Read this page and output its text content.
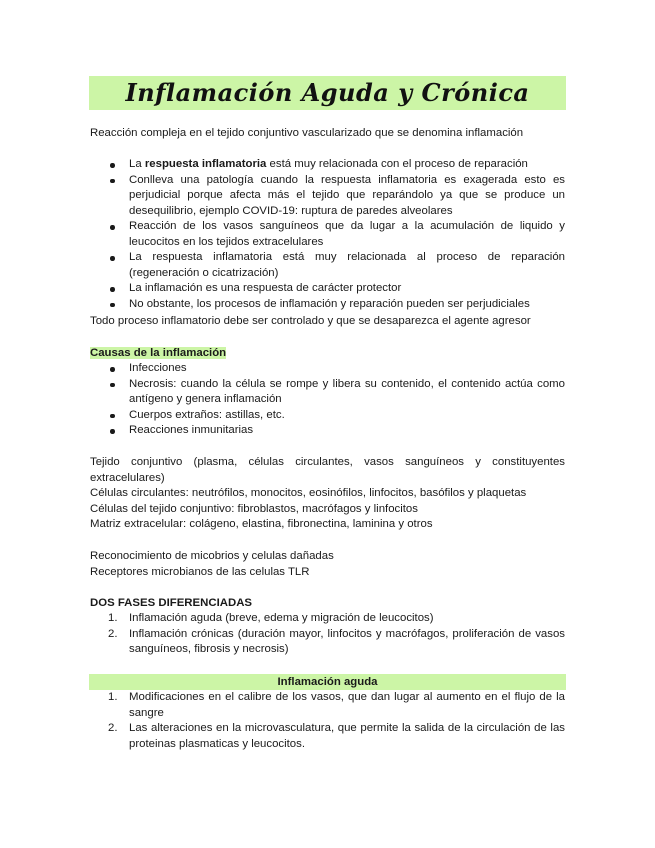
Inflamación Aguda y Crónica
Reacción compleja en el tejido conjuntivo vascularizado que se denomina inflamación
La respuesta inflamatoria está muy relacionada con el proceso de reparación
Conlleva una patología cuando la respuesta inflamatoria es exagerada esto es perjudicial porque afecta más el tejido que reparándolo ya que se produce un desequilibrio, ejemplo COVID-19: ruptura de paredes alveolares
Reacción de los vasos sanguíneos que da lugar a la acumulación de liquido y leucocitos en los tejidos extracelulares
La respuesta inflamatoria está muy relacionada al proceso de reparación (regeneración o cicatrización)
La inflamación es una respuesta de carácter protector
No obstante, los procesos de inflamación y reparación pueden ser perjudiciales
Todo proceso inflamatorio debe ser controlado y que se desaparezca el agente agresor
Causas de la inflamación
Infecciones
Necrosis: cuando la célula se rompe y libera su contenido, el contenido actúa como antígeno y genera inflamación
Cuerpos extraños: astillas, etc.
Reacciones inmunitarias

Tejido conjuntivo (plasma, células circulantes, vasos sanguíneos y constituyentes extracelulares)

Células circulantes: neutrófilos, monocitos, eosinófilos, linfocitos, basófilos y plaquetas

Células del tejido conjuntivo: fibroblastos, macrófagos y linfocitos

Matriz extracelular: colágeno, elastina, fibronectina, laminina y otros

Reconocimiento de micobrios y celulas dañadas

Receptores microbianos de las celulas TLR

DOS FASES DIFERENCIADAS
1. Inflamación aguda (breve, edema y migración de leucocitos)
2. Inflamación crónicas (duración mayor, linfocitos y macrófagos, proliferación de vasos sanguíneos, fibrosis y necrosis)
Inflamación aguda
1. Modificaciones en el calibre de los vasos, que dan lugar al aumento en el flujo de la sangre
2. Las alteraciones en la microvasculatura, que permite la salida de la circulación de las proteinas plasmaticas y leucocitos.
